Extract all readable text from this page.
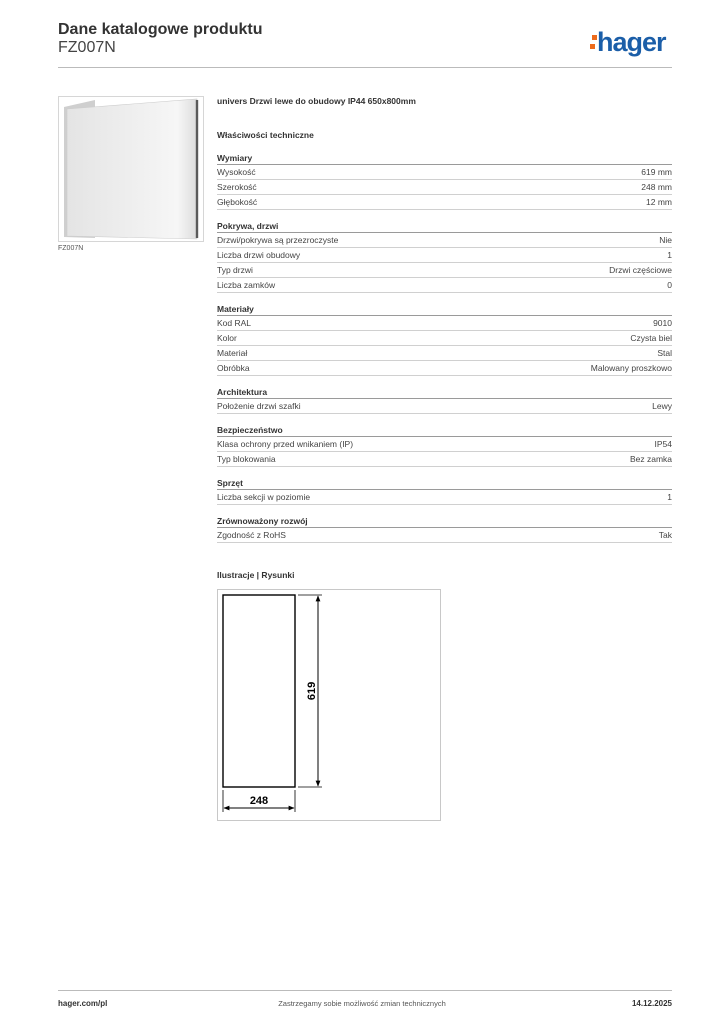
Dane katalogowe produktu
FZ007N	hager
FZ007N
univers Drzwi lewe do obudowy IP44 650x800mm
Właściwości techniczne
Wymiary
Wysokość	619 mm
Szerokość	248 mm
Głębokość	12 mm
Pokrywa, drzwi
Drzwi/pokrywa są przezroczyste	Nie
Liczba drzwi obudowy	1
Typ drzwi	Drzwi częściowe
Liczba zamków	0
Materiały
Kod RAL	9010
Kolor	Czysta biel
Materiał	Stal
Obróbka	Malowany proszkowo
Architektura
Położenie drzwi szafki	Lewy
Bezpieczeństwo
Klasa ochrony przed wnikaniem (IP)	IP54
Typ blokowania	Bez zamka
Sprzęt
Liczba sekcji w poziomie	1
Zrównoważony rozwój
Zgodność z RoHS	Tak
Ilustracje | Rysunki
619
248
hager.com/pl	Zastrzegamy sobie możliwość zmian technicznych	14.12.2025
